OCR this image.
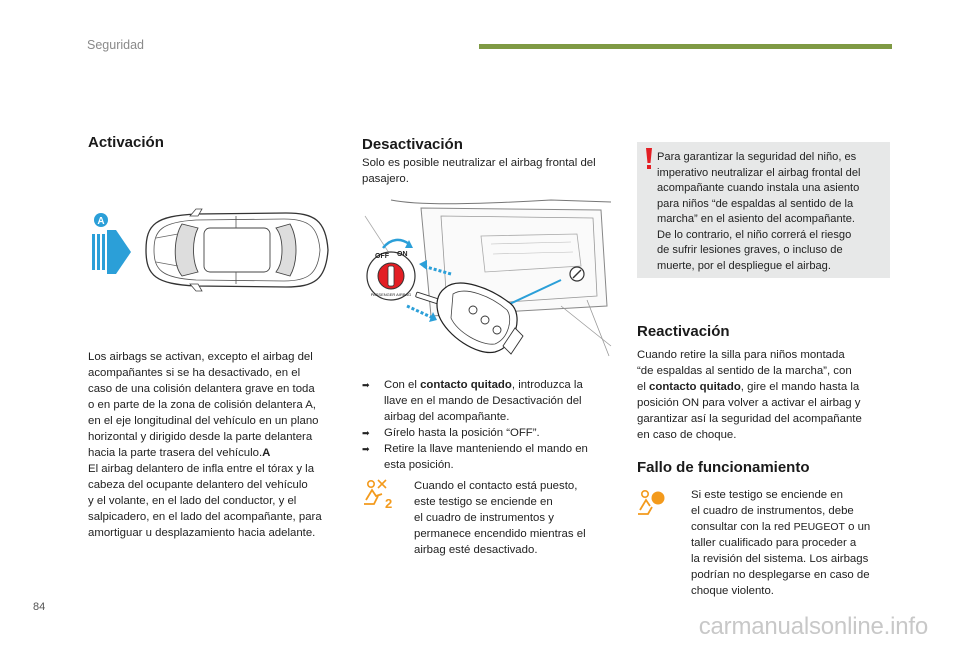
Seguridad
Activación
A
Los airbags se activan, excepto el airbag del
acompañantes si se ha desactivado, en el
caso de una colisión delantera grave en toda
o en parte de la zona de colisión delantera A,
en el eje longitudinal del vehículo en un plano
horizontal y dirigido desde la parte delantera
hacia la parte trasera del vehículo.A
El airbag delantero de infla entre el tórax y la
cabeza del ocupante delantero del vehículo
y el volante, en el lado del conductor, y el
salpicadero, en el lado del acompañante, para
amortiguar u desplazamiento hacia adelante.
Desactivación
Solo es posible neutralizar el airbag frontal del
pasajero.
OFF ON
PASSENGER AIRBAG
➡ Con el contacto quitado, introduzca la
llave en el mando de Desactivación del
airbag del acompañante.
➡ Gírelo hasta la posición “OFF”.
➡ Retire la llave manteniendo el mando en
esta posición.
2
Cuando el contacto está puesto,
este testigo se enciende en
el cuadro de instrumentos y
permanece encendido mientras el
airbag esté desactivado.
Para garantizar la seguridad del niño, es
imperativo neutralizar el airbag frontal del
acompañante cuando instala una asiento
para niños “de espaldas al sentido de la
marcha” en el asiento del acompañante.
De lo contrario, el niño correrá el riesgo
de sufrir lesiones graves, o incluso de
muerte, por el despliegue el airbag.
Reactivación
Cuando retire la silla para niños montada
“de espaldas al sentido de la marcha”, con
el contacto quitado, gire el mando hasta la
posición ON para volver a activar el airbag y
garantizar así la seguridad del acompañante
en caso de choque.
Fallo de funcionamiento
Si este testigo se enciende en
el cuadro de instrumentos, debe
consultar con la red PEUGEOT o un
taller cualificado para proceder a
la revisión del sistema. Los airbags
podrían no desplegarse en caso de
choque violento.
84
carmanualsonline.info
